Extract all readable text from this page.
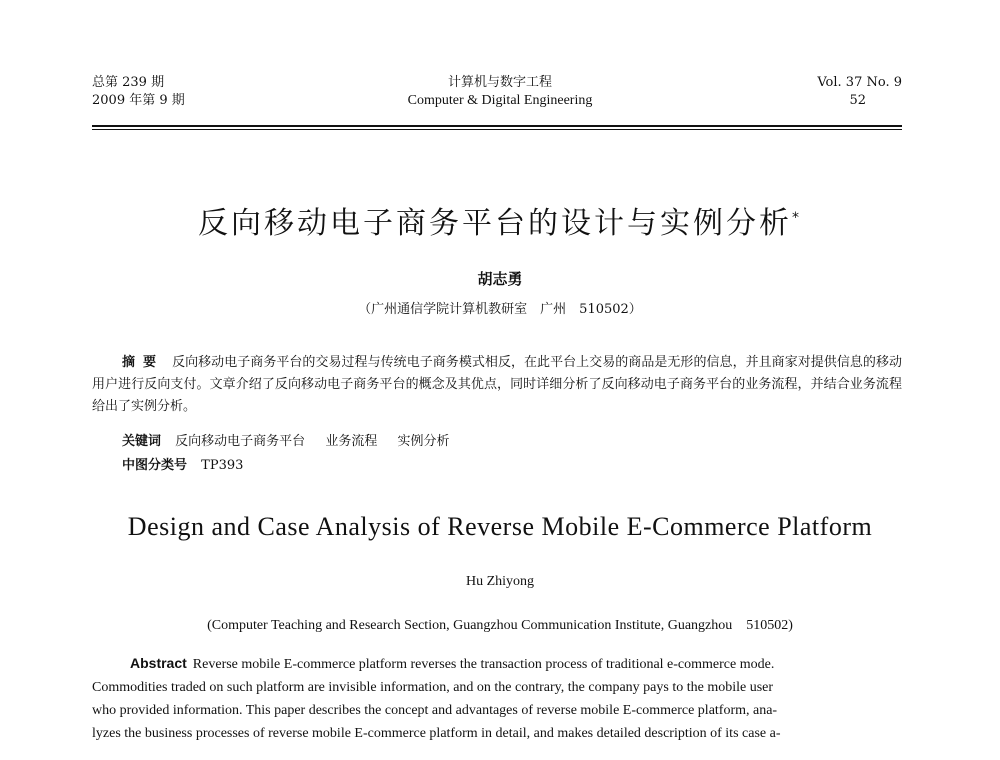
总第 239 期
2009 年第 9 期
计算机与数字工程
Computer & Digital Engineering
Vol. 37 No. 9
52
反向移动电子商务平台的设计与实例分析*
胡志勇
（广州通信学院计算机教研室　广州　510502）
摘要 反向移动电子商务平台的交易过程与传统电子商务模式相反，在此平台上交易的商品是无形的信息，并且商家对提供信息的移动用户进行反向支付。文章介绍了反向移动电子商务平台的概念及其优点，同时详细分析了反向移动电子商务平台的业务流程，并结合业务流程给出了实例分析。
关键词 反向移动电子商务平台 业务流程 实例分析
中图分类号 TP393
Design and Case Analysis of Reverse Mobile E-Commerce Platform
Hu Zhiyong
(Computer Teaching and Research Section, Guangzhou Communication Institute, Guangzhou　510502)
Abstract Reverse mobile E-commerce platform reverses the transaction process of traditional e-commerce mode.
Commodities traded on such platform are invisible information, and on the contrary, the company pays to the mobile user
who provided information. This paper describes the concept and advantages of reverse mobile E-commerce platform, ana-
lyzes the business processes of reverse mobile E-commerce platform in detail, and makes detailed description of its case a-
